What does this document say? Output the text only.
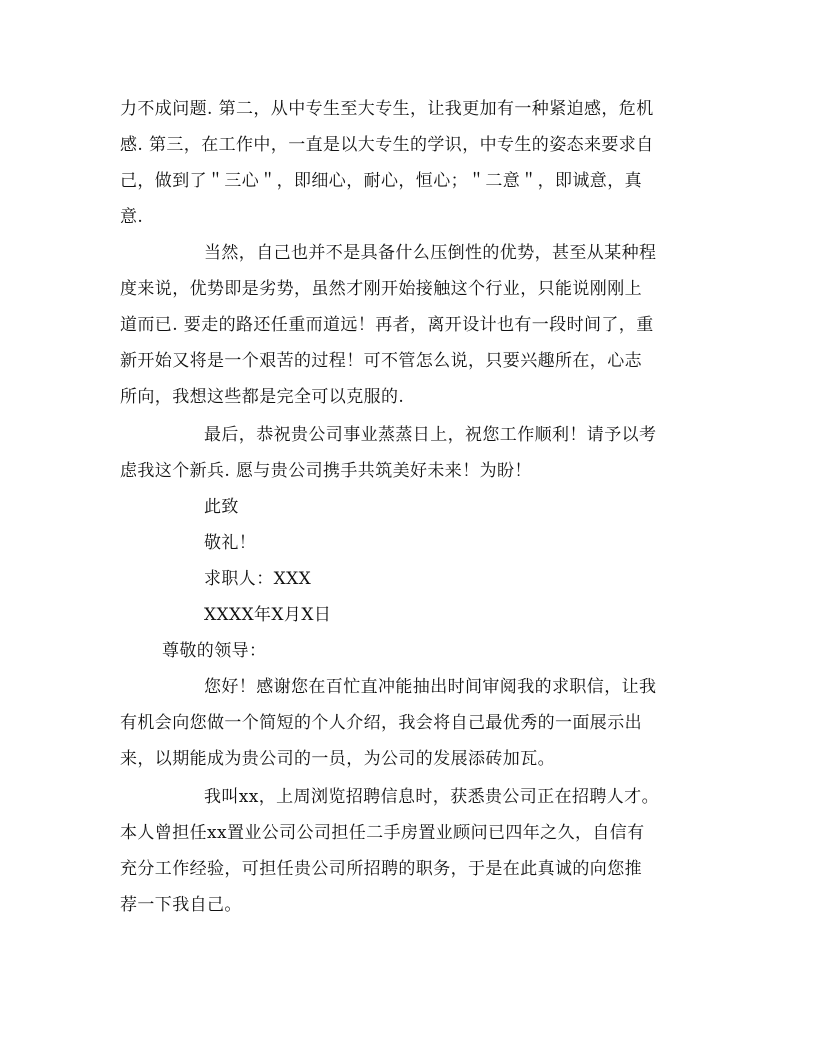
力不成问题. 第二，从中专生至大专生，让我更加有一种紧迫感，危机
感. 第三，在工作中，一直是以大专生的学识，中专生的姿态来要求自
己，做到了＂三心＂，即细心，耐心，恒心；＂二意＂，即诚意，真
意.
当然，自己也并不是具备什么压倒性的优势，甚至从某种程
度来说，优势即是劣势，虽然才刚开始接触这个行业，只能说刚刚上
道而已. 要走的路还任重而道远！再者，离开设计也有一段时间了，重
新开始又将是一个艰苦的过程！可不管怎么说，只要兴趣所在，心志
所向，我想这些都是完全可以克服的.
最后，恭祝贵公司事业蒸蒸日上，祝您工作顺利！请予以考
虑我这个新兵. 愿与贵公司携手共筑美好未来！为盼！
此致
敬礼！
求职人：XXX
XXXX年X月X日
尊敬的领导：
您好！感谢您在百忙直冲能抽出时间审阅我的求职信，让我
有机会向您做一个简短的个人介绍，我会将自己最优秀的一面展示出
来，以期能成为贵公司的一员，为公司的发展添砖加瓦。
我叫xx，上周浏览招聘信息时，获悉贵公司正在招聘人才。
本人曾担任xx置业公司公司担任二手房置业顾问已四年之久，自信有
充分工作经验，可担任贵公司所招聘的职务，于是在此真诚的向您推
荐一下我自己。
